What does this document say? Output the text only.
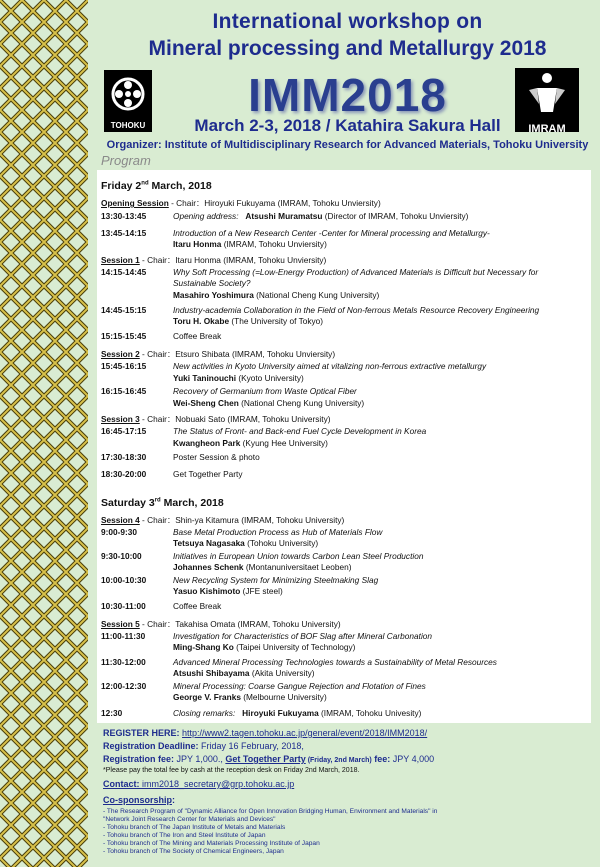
International workshop on
Mineral processing and Metallurgy 2018
IMM2018
March 2-3, 2018 / Katahira Sakura Hall
Organizer: Institute of Multidisciplinary Research for Advanced Materials, Tohoku University
TOHOKU	IMRAM
Program
Friday 2nd March, 2018
Opening Session - Chair：Hiroyuki Fukuyama (IMRAM, Tohoku Unviersity)
13:30-13:45	Opening address: Atsushi Muramatsu (Director of IMRAM, Tohoku Unviersity)
13:45-14:15	Introduction of a New Research Center -Center for Mineral processing and Metallurgy-
Itaru Honma (IMRAM, Tohoku Unviersity)
Session 1 - Chair：Itaru Honma (IMRAM, Tohoku Unviersity)
14:15-14:45	Why Soft Processing (=Low-Energy Production) of Advanced Materials is Difficult but Necessary for
Sustainable Society?
Masahiro Yoshimura (National Cheng Kung University)
14:45-15:15	Industry-academia Collaboration in the Field of Non-ferrous Metals Resource Recovery Engineering
Toru H. Okabe (The University of Tokyo)
15:15-15:45	Coffee Break
Session 2 - Chair：Etsuro Shibata (IMRAM, Tohoku Unviersity)
15:45-16:15	New activities in Kyoto University aimed at vitalizing non-ferrous extractive metallurgy
Yuki Taninouchi (Kyoto University)
16:15-16:45	Recovery of Germanium from Waste Optical Fiber
Wei-Sheng Chen (National Cheng Kung University)
Session 3 - Chair：Nobuaki Sato (IMRAM, Tohoku University)
16:45-17:15	The Status of Front- and Back-end Fuel Cycle Development in Korea
Kwangheon Park (Kyung Hee University)
17:30-18:30	Poster Session & photo
18:30-20:00	Get Together Party
Saturday 3rd March, 2018
Session 4 - Chair：Shin-ya Kitamura (IMRAM, Tohoku University)
9:00-9:30	Base Metal Production Process as Hub of Materials Flow
Tetsuya Nagasaka (Tohoku University)
9:30-10:00	Initiatives in European Union towards Carbon Lean Steel Production
Johannes Schenk (Montanuniversitaet Leoben)
10:00-10:30	New Recycling System for Minimizing Steelmaking Slag
Yasuo Kishimoto (JFE steel)
10:30-11:00	Coffee Break
Session 5 - Chair：Takahisa Omata (IMRAM, Tohoku University)
11:00-11:30	Investigation for Characteristics of BOF Slag after Mineral Carbonation
Ming-Shang Ko (Taipei University of Technology)
11:30-12:00	Advanced Mineral Processing Technologies towards a Sustainability of Metal Resources
Atsushi Shibayama (Akita University)
12:00-12:30	Mineral Processing: Coarse Gangue Rejection and Flotation of Fines
George V. Franks (Melbourne University)
12:30	Closing remarks: Hiroyuki Fukuyama (IMRAM, Tohoku Univesity)
REGISTER HERE: http://www2.tagen.tohoku.ac.jp/general/event/2018/IMM2018/
Registration Deadline: Friday 16 February, 2018,
Registration fee: JPY 1,000., Get Together Party (Friday, 2nd March) fee: JPY 4,000
*Please pay the total fee by cash at the reception desk on Friday 2nd March, 2018.
Contact: imm2018_secretary@grp.tohoku.ac.jp
Co-sponsorship:
- The Research Program of "Dynamic Alliance for Open Innovation Bridging Human, Environment and Materials" in
"Network Joint Research Center for Materials and Devices"
- Tohoku branch of The Japan Institute of Metals and Materials
- Tohoku branch of The Iron and Steel Institute of Japan
- Tohoku branch of The Mining and Materials Processing Institute of Japan
- Tohoku branch of The Society of Chemical Engineers, Japan
